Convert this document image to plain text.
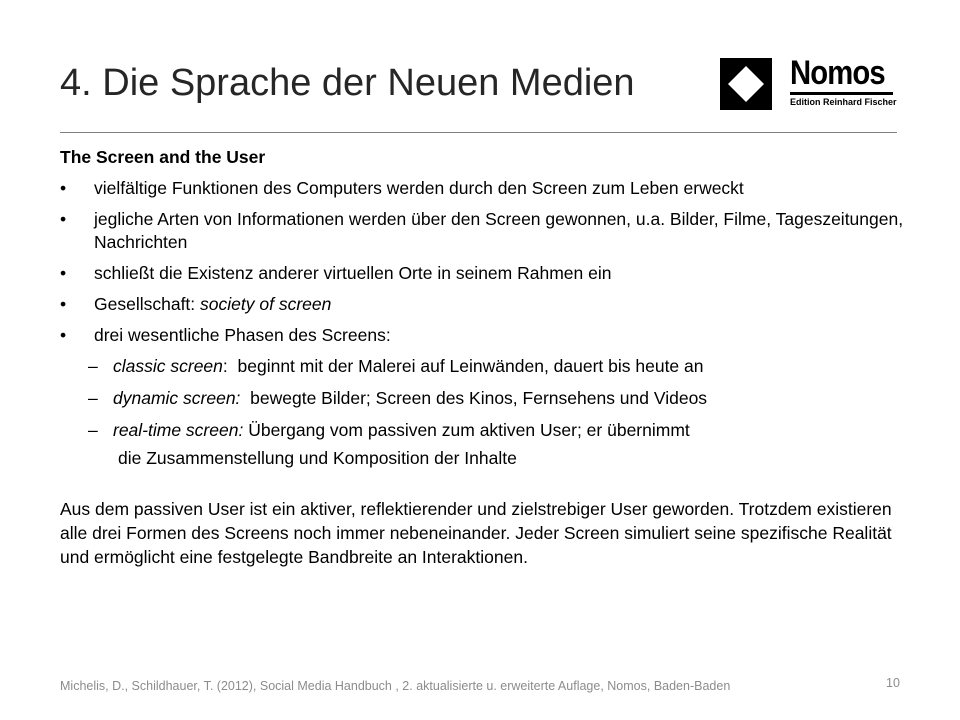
4. Die Sprache der Neuen Medien	Nomos
Edition Reinhard Fischer
The Screen and the User
• vielfältige Funktionen des Computers werden durch den Screen zum Leben erweckt
• jegliche Arten von Informationen werden über den Screen gewonnen, u.a. Bilder, Filme, Tageszeitungen, Nachrichten
• schließt die Existenz anderer virtuellen Orte in seinem Rahmen ein
• Gesellschaft: society of screen
• drei wesentliche Phasen des Screens:
– classic screen:  beginnt mit der Malerei auf Leinwänden, dauert bis heute an
– dynamic screen: bewegte Bilder; Screen des Kinos, Fernsehens und Videos
– real-time screen: Übergang vom passiven zum aktiven User; er übernimmt
die Zusammenstellung und Komposition der Inhalte
Aus dem passiven User ist ein aktiver, reflektierender und zielstrebiger User geworden. Trotzdem existieren alle drei Formen des Screens noch immer nebeneinander. Jeder Screen simuliert seine spezifische Realität und ermöglicht eine festgelegte Bandbreite an Interaktionen.
Michelis, D., Schildhauer, T. (2012), Social Media Handbuch , 2. aktualisierte u. erweiterte Auflage, Nomos, Baden-Baden	10
